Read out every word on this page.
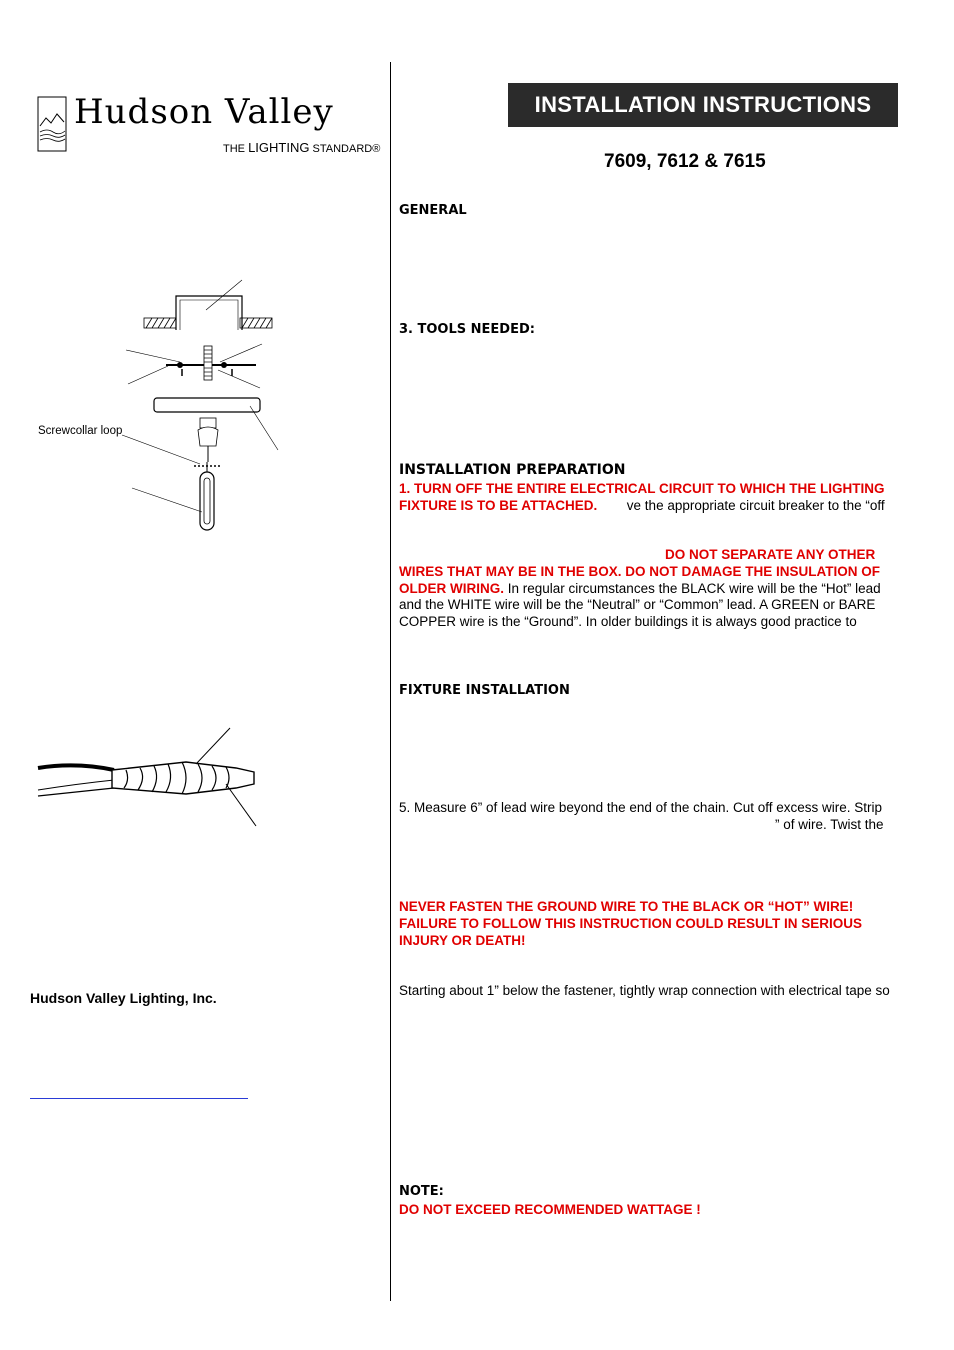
Hudson Valley
THE LIGHTING STANDARD®
INSTALLATION INSTRUCTIONS
7609, 7612 & 7615
GENERAL
3. TOOLS NEEDED:
INSTALLATION PREPARATION
1. TURN OFF THE ENTIRE ELECTRICAL CIRCUIT TO WHICH THE LIGHTING
FIXTURE IS TO BE ATTACHED. ve the appropriate circuit breaker to the “off
DO NOT SEPARATE ANY OTHER
WIRES THAT MAY BE IN THE BOX. DO NOT DAMAGE THE INSULATION OF
OLDER WIRING. In regular circumstances the BLACK wire will be the “Hot” lead
and the WHITE wire will be the “Neutral” or “Common” lead. A GREEN or BARE
COPPER wire is the “Ground”. In older buildings it is always good practice to
FIXTURE INSTALLATION
5. Measure 6” of lead wire beyond the end of the chain. Cut off excess wire. Strip
” of wire. Twist the
NEVER FASTEN THE GROUND WIRE TO THE BLACK OR “HOT” WIRE!
FAILURE TO FOLLOW THIS INSTRUCTION COULD RESULT IN SERIOUS
INJURY OR DEATH!
Starting about 1” below the fastener, tightly wrap connection with electrical tape so
NOTE:
DO NOT EXCEED RECOMMENDED WATTAGE !
Screwcollar loop
Hudson Valley Lighting, Inc.
